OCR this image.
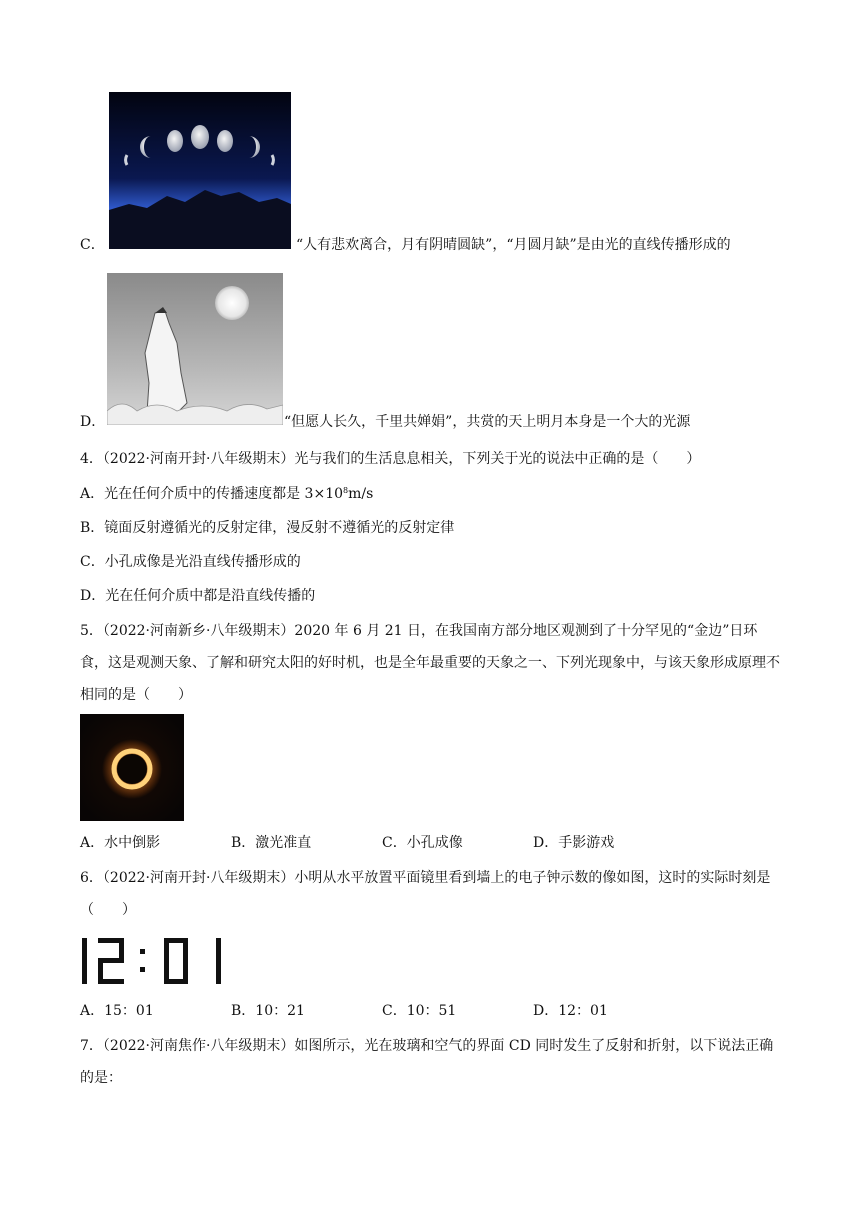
C．	“人有悲欢离合，月有阴晴圆缺”，“月圆月缺”是由光的直线传播形成的
D．	“但愿人长久，千里共婵娟”，共赏的天上明月本身是一个大的光源
4．（2022·河南开封·八年级期末）光与我们的生活息息相关，下列关于光的说法中正确的是（　　）
A．光在任何介质中的传播速度都是 $3\times 10^8m/s$
B．镜面反射遵循光的反射定律，漫反射不遵循光的反射定律
C．小孔成像是光沿直线传播形成的
D．光在任何介质中都是沿直线传播的
5．（2022·河南新乡·八年级期末）2020 年 6 月 21 日，在我国南方部分地区观测到了十分罕见的“金边”日环食，这是观测天象、了解和研究太阳的好时机，也是全年最重要的天象之一、下列光现象中，与该天象形成原理不相同的是（　　）
A．水中倒影	B．激光准直	C．小孔成像	D．手影游戏
6．（2022·河南开封·八年级期末）小明从水平放置平面镜里看到墙上的电子钟示数的像如图，这时的实际时刻是（　　）
A．15：01	B．10：21	C．10：51	D．12：01
7．（2022·河南焦作·八年级期末）如图所示，光在玻璃和空气的界面 CD 同时发生了反射和折射，以下说法正确的是：
